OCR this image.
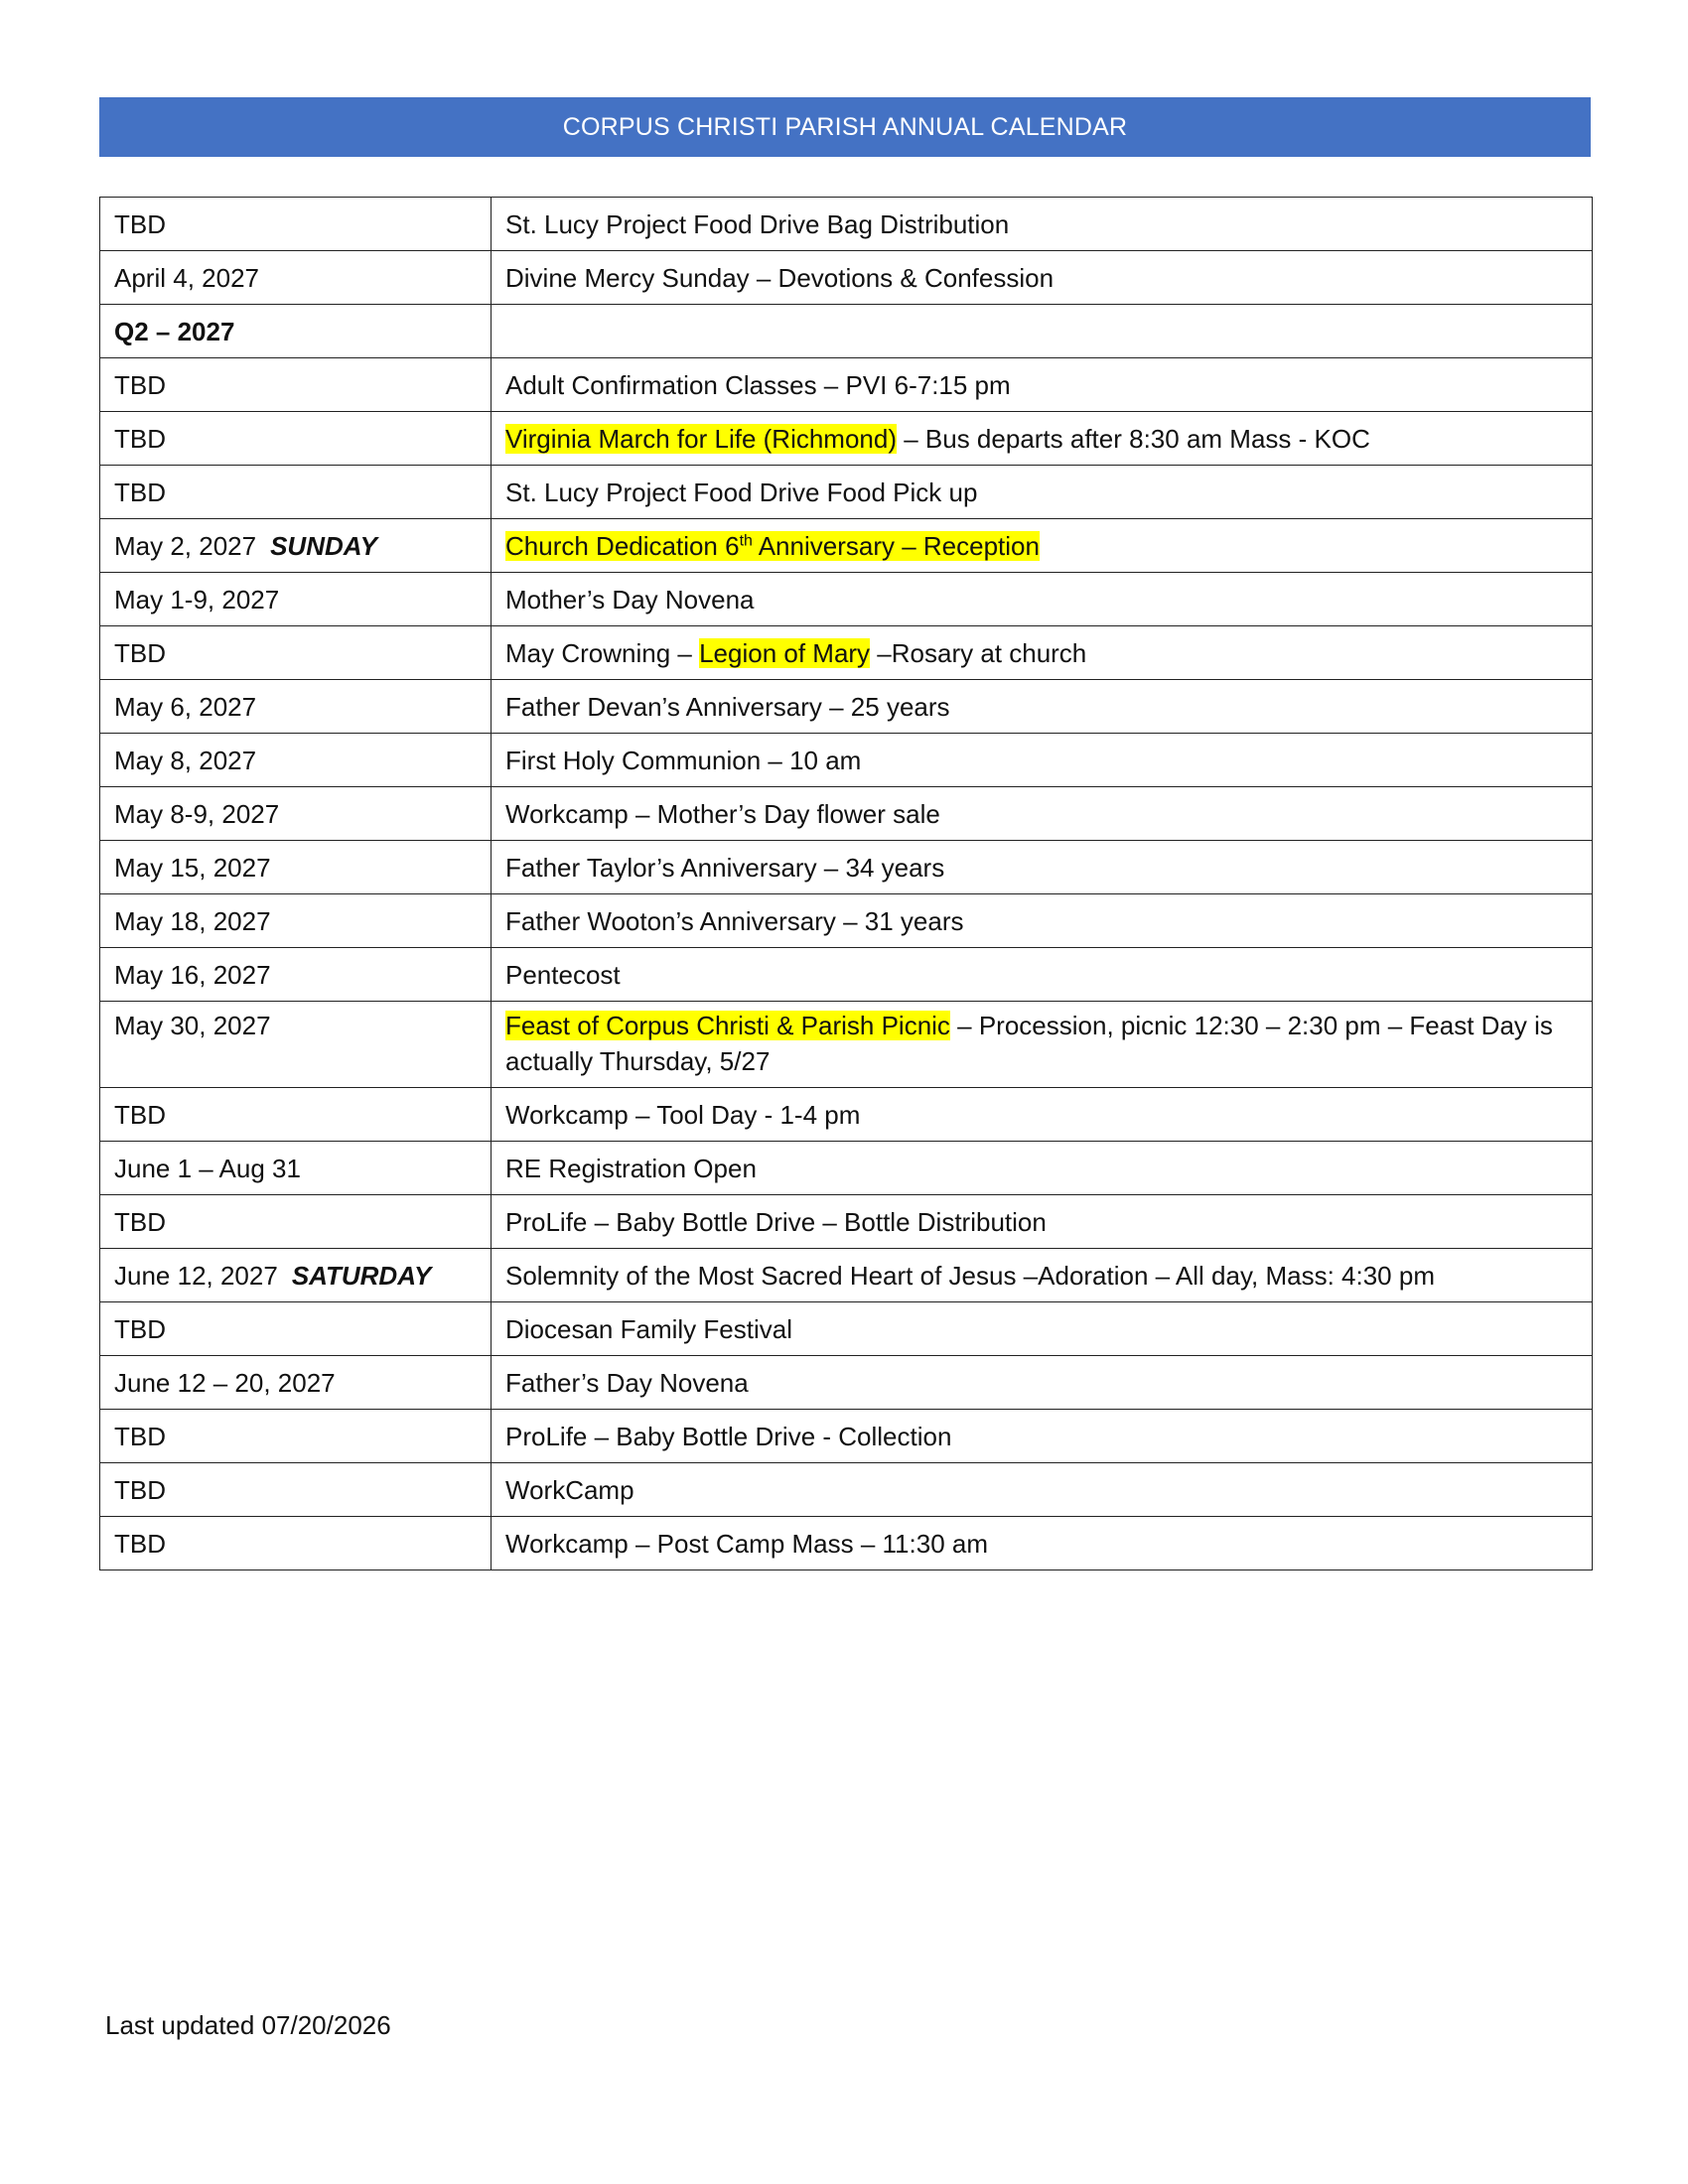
CORPUS CHRISTI PARISH ANNUAL CALENDAR
TBD	St. Lucy Project Food Drive Bag Distribution
April 4, 2027	Divine Mercy Sunday – Devotions & Confession
Q2 – 2027	
TBD	Adult Confirmation Classes – PVI 6-7:15 pm
TBD	Virginia March for Life (Richmond) – Bus departs after 8:30 am Mass - KOC
TBD	St. Lucy Project Food Drive Food Pick up
May 2, 2027 SUNDAY	Church Dedication 6th Anniversary – Reception
May 1-9, 2027	Mother’s Day Novena
TBD	May Crowning – Legion of Mary –Rosary at church
May 6, 2027	Father Devan’s Anniversary – 25 years
May 8, 2027	First Holy Communion – 10 am
May 8-9, 2027	Workcamp – Mother’s Day flower sale
May 15, 2027	Father Taylor’s Anniversary – 34 years
May 18, 2027	Father Wooton’s Anniversary – 31 years
May 16, 2027	Pentecost
May 30, 2027	Feast of Corpus Christi & Parish Picnic – Procession, picnic 12:30 – 2:30 pm – Feast Day is actually Thursday, 5/27
TBD	Workcamp – Tool Day - 1-4 pm
June 1 – Aug 31	RE Registration Open
TBD	ProLife – Baby Bottle Drive – Bottle Distribution
June 12, 2027 SATURDAY	Solemnity of the Most Sacred Heart of Jesus –Adoration – All day, Mass: 4:30 pm
TBD	Diocesan Family Festival
June 12 – 20, 2027	Father’s Day Novena
TBD	ProLife – Baby Bottle Drive - Collection
TBD	WorkCamp
TBD	Workcamp – Post Camp Mass – 11:30 am
Last updated 07/20/2026
